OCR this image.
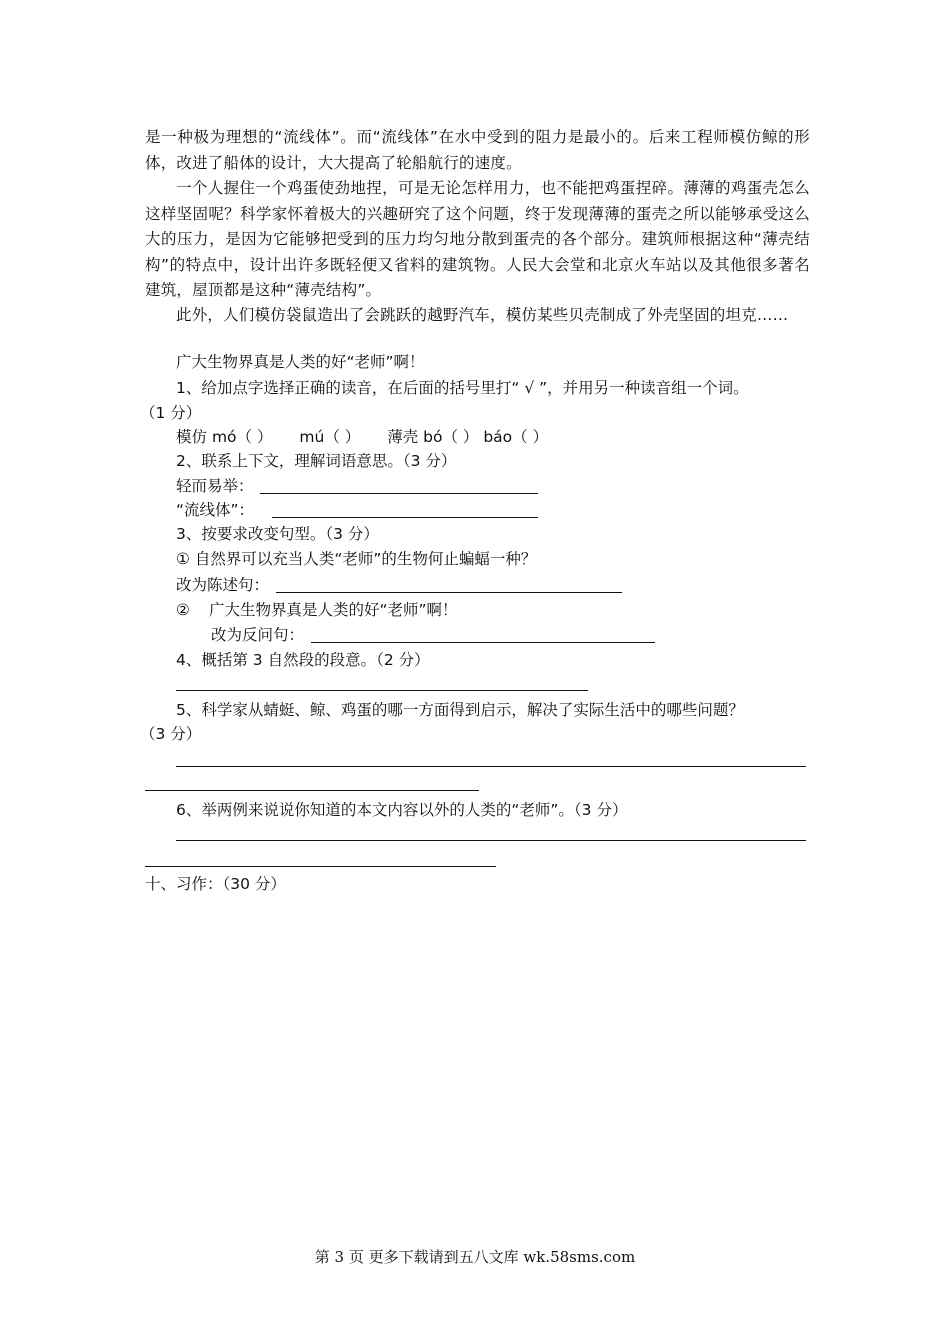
是一种极为理想的“流线体”。而“流线体”在水中受到的阻力是最小的。后来工程师模仿鲸的形体，改进了船体的设计，大大提高了轮船航行的速度。
一个人握住一个鸡蛋使劲地捏，可是无论怎样用力，也不能把鸡蛋捏碎。薄薄的鸡蛋壳怎么这样坚固呢？科学家怀着极大的兴趣研究了这个问题，终于发现薄薄的蛋壳之所以能够承受这么大的压力，是因为它能够把受到的压力均匀地分散到蛋壳的各个部分。建筑师根据这种“薄壳结构”的特点中，设计出许多既轻便又省料的建筑物。人民大会堂和北京火车站以及其他很多著名建筑，屋顶都是这种“薄壳结构”。
此外，人们模仿袋鼠造出了会跳跃的越野汽车，模仿某些贝壳制成了外壳坚固的坦克……
广大生物界真是人类的好“老师”啊！
1、给加点字选择正确的读音，在后面的括号里打“ √ ”，并用另一种读音组一个词。
（1 分）
模仿 mó（ ） mú（ ） 薄壳 bó（ ） báo（ ）
2、联系上下文，理解词语意思。（3 分）
轻而易举：
“流线体”：
3、按要求改变句型。（3 分）
① 自然界可以充当人类“老师”的生物何止蝙蝠一种？
改为陈述句：
② 广大生物界真是人类的好“老师”啊！
改为反问句：
4、概括第 3 自然段的段意。（2 分）
5、科学家从蜻蜓、鲸、鸡蛋的哪一方面得到启示，解决了实际生活中的哪些问题？
（3 分）
6、举两例来说说你知道的本文内容以外的人类的“老师”。（3 分）
十、习作：（30 分）
第 3 页 更多下载请到五八文库 wk.58sms.com
